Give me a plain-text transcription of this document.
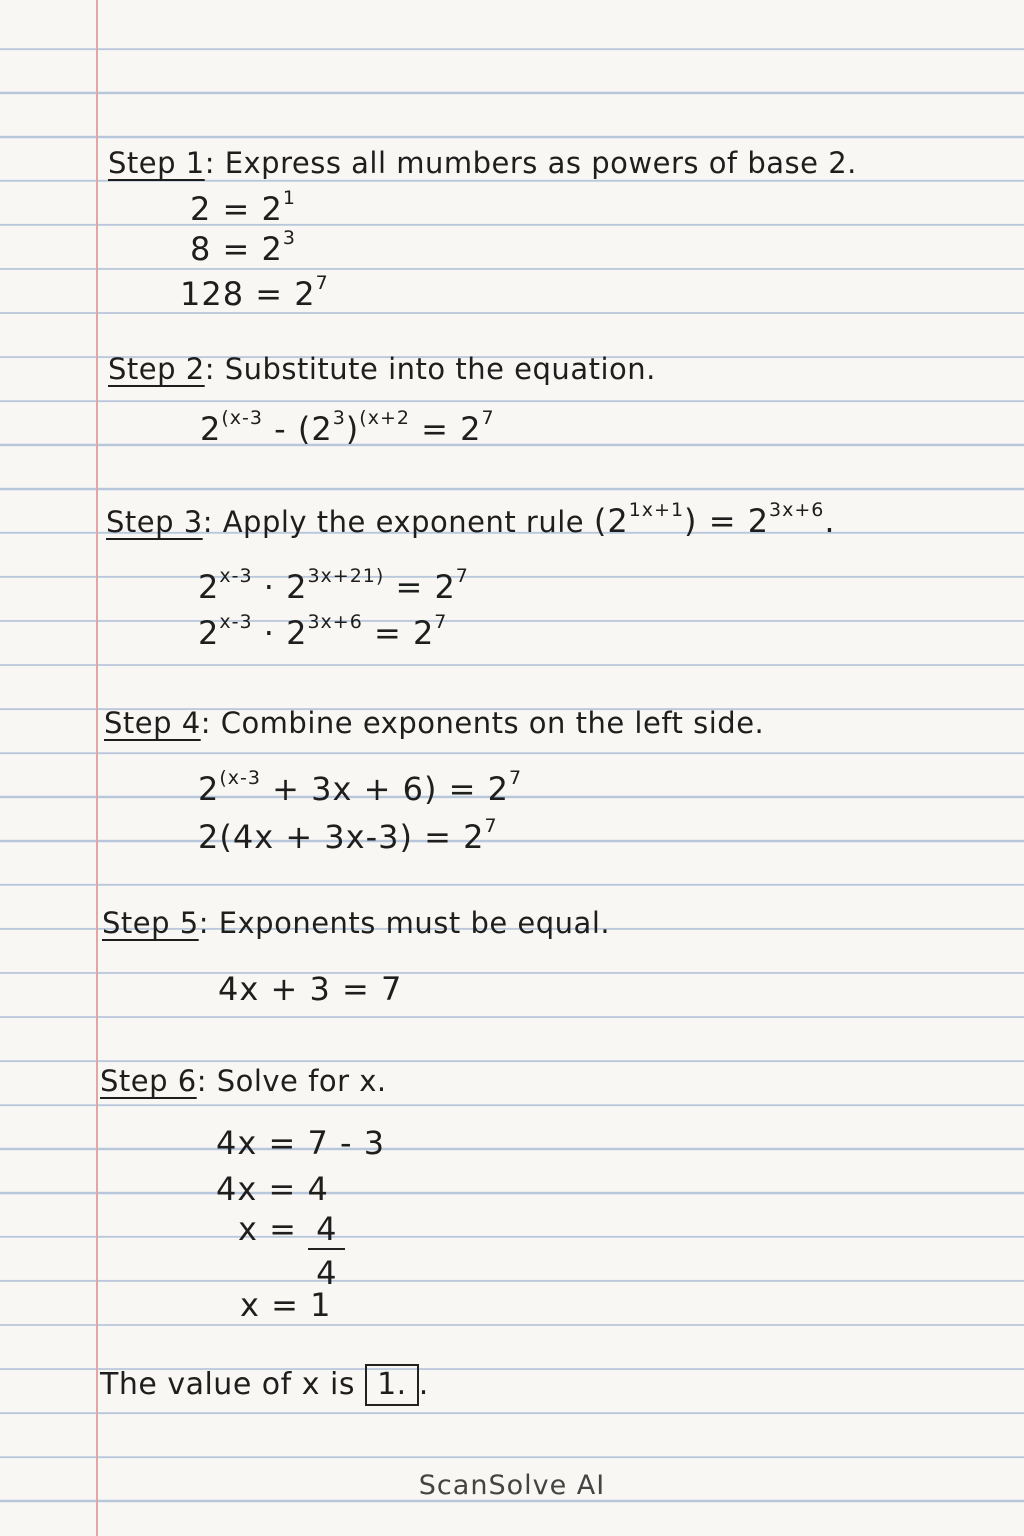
Step 1: Express all mumbers as powers of base 2.
$2 = 2^1$
$8 = 2^3$
$128 = 2^7$
Step 2: Substitute into the equation.
$2^{(x-3} - (2^3)^{(x+2} = 2^7$
Step 3: Apply the exponent rule $(2^{1x+1}) = 2^{3x+6}$.
$2^{x-3} \cdot 2^{3x+21)} = 2^7$
$2^{x-3} \cdot 2^{3x+6} = 2^7$
Step 4: Combine exponents on the left side.
$2^{(x-3} + 3x + 6) = 2^7$
$2(4x + 3x-3) = 2^7$
Step 5: Exponents must be equal.
4x + 3 = 7
Step 6: Solve for x.
4x = 7 - 3
4x = 4
$x = \frac{4}{4}$
x = 1
The value of x is 1. .
ScanSolve AI
